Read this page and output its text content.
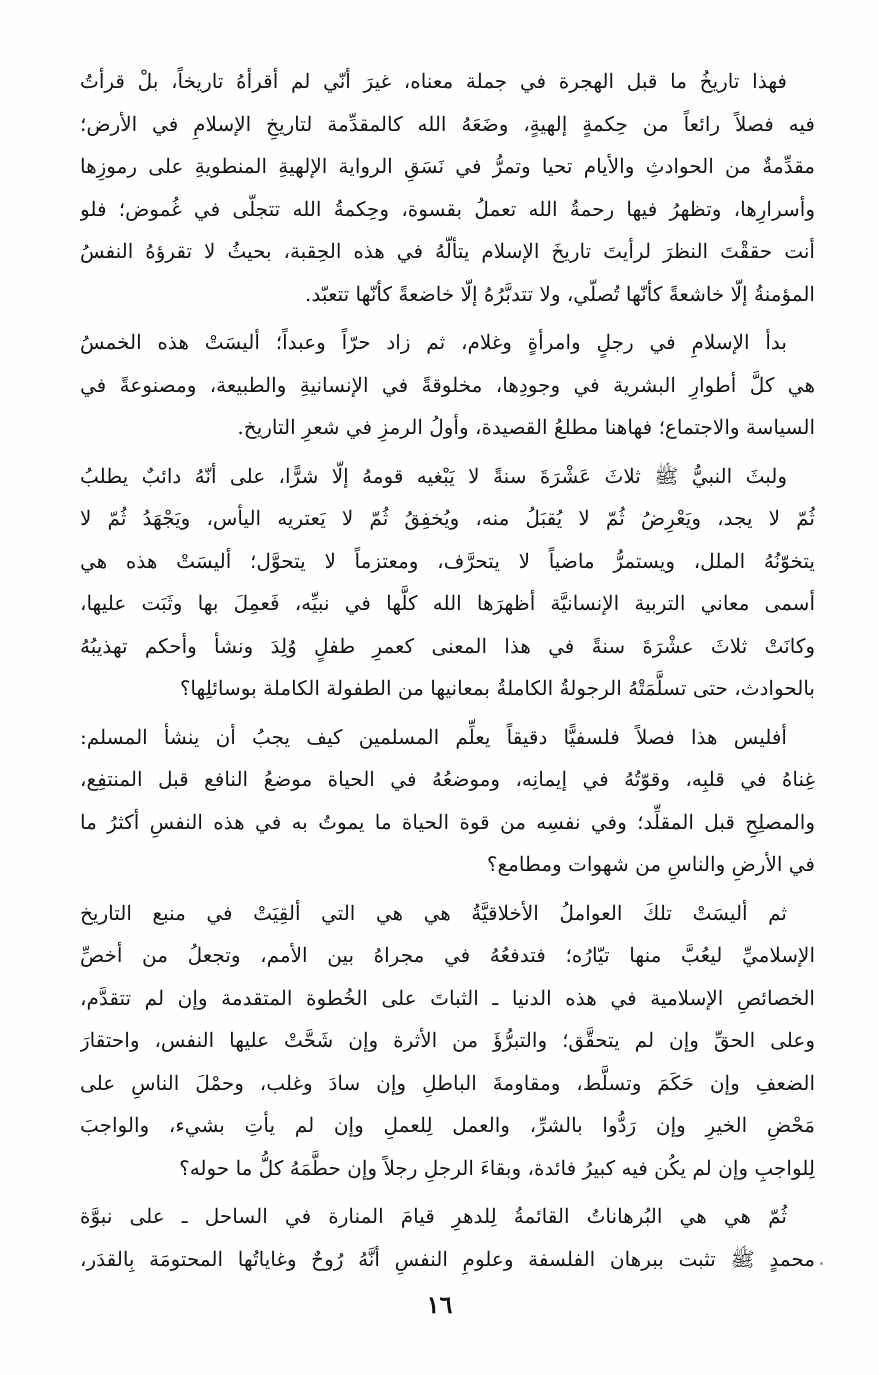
فهذا تاريخُ ما قبل الهجرة في جملة معناه، غيرَ أنّي لم أقرأهُ تاريخاً، بلْ قرأتُ
فيه فصلاً رائعاً من حِكمةٍ إلهيةٍ، وضَعَهُ الله كالمقدِّمة لتاريخِ الإسلامِ في الأرض؛
مقدِّمةٌ من الحوادثِ والأيام تحيا وتمرُّ في نَسَقِ الرواية الإلهيةِ المنطويةِ على رموزِها
وأسرارِها، وتظهرُ فيها رحمةُ الله تعملُ بقسوة، وحِكمةُ الله تتجلّى في غُموض؛ فلو
أنت حققْتَ النظرَ لرأيتَ تاريخَ الإسلام يتألّهُ في هذه الحِقبة، بحيثُ لا تقرؤهُ النفسُ
المؤمنةُ إلّا خاشعةً كأنّها تُصلّي، ولا تتدبَّرُهُ إلّا خاضعةً كأنّها تتعبّد.
بدأ الإسلامِ في رجلٍ وامرأةٍ وغلام، ثم زاد حرّاً وعبداً؛ أليسَتْ هذه الخمسُ
هي كلَّ أطوارِ البشرية في وجودِها، مخلوقةً في الإنسانيةِ والطبيعة، ومصنوعةً في
السياسة والاجتماع؛ فهاهنا مطلعُ القصيدة، وأولُ الرمزِ في شعرِ التاريخ.
ولبثَ النبيُّ ﷺ ثلاثَ عَشْرَةَ سنةً لا يَبْغيه قومهُ إلّا شرًّا، على أنّهُ دائبٌ يطلبُ
ثُمّ لا يجد، ويَعْرِضُ ثُمّ لا يُقبَلُ منه، ويُخفِقُ ثُمّ لا يَعتريه اليأس، ويَجْهَدُ ثُمّ لا
يتخوّنُهُ الملل، ويستمرُّ ماضياً لا يتحرَّف، ومعتزماً لا يتحوَّل؛ أليسَتْ هذه هي
أسمى معاني التربية الإنسانيَّة أظهرَها الله كلَّها في نبيِّه، فَعمِلَ بها وثَبَت عليها،
وكانَتْ ثلاثَ عشْرَةَ سنةً في هذا المعنى كعمرِ طفلٍ وُلِدَ ونشأ وأحكم تهذيبُهُ
بالحوادث، حتى تسلَّمَتْهُ الرجولةُ الكاملةُ بمعانيها من الطفولة الكاملة بوسائلِها؟
أفليس هذا فصلاً فلسفيًّا دقيقاً يعلِّم المسلمين كيف يجبُ أن ينشأ المسلم:
غِناهُ في قلبِه، وقوّتُهُ في إيمانِه، وموضعُهُ في الحياة موضعُ النافع قبل المنتفِع،
والمصلِحِ قبل المقلِّد؛ وفي نفسِه من قوة الحياة ما يموتُ به في هذه النفسِ أكثرُ ما
في الأرضِ والناسِ من شهوات ومطامع؟
ثم أليسَتْ تلكَ العواملُ الأخلاقيَّةُ هي هي التي ألقِيَتْ في منبع التاريخ
الإسلاميِّ ليعُبَّ منها تيّارُه؛ فتدفعُهُ في مجراهُ بين الأمم، وتجعلُ من أخصِّ
الخصائصِ الإسلامية في هذه الدنيا ـ الثباتَ على الخُطوة المتقدمة وإن لم تتقدَّم،
وعلى الحقِّ وإن لم يتحقَّق؛ والتبرُّؤَ من الأثرة وإن شَحَّتْ عليها النفس، واحتقارَ
الضعفِ وإن حَكَمَ وتسلَّط، ومقاومةَ الباطلِ وإن سادَ وغلب، وحمْلَ الناسِ على
مَحْضِ الخيرِ وإن رَدُّوا بالشرِّ، والعمل لِلعملِ وإن لم يأتِ بشيء، والواجبَ
لِلواجبِ وإن لم يكُن فيه كبيرُ فائدة، وبقاءَ الرجلِ رجلاً وإن حطَّمَهُ كلُّ ما حوله؟
ثُمّ هي هي البُرهاناتُ القائمةُ لِلدهرِ قيامَ المنارة في الساحل ـ على نبوَّة
محمدٍ ﷺ تثبت ببرهان الفلسفة وعلومِ النفسِ أنَّهُ رُوحٌ وغاياتُها المحتومَة بِالقدَر،
١٦
